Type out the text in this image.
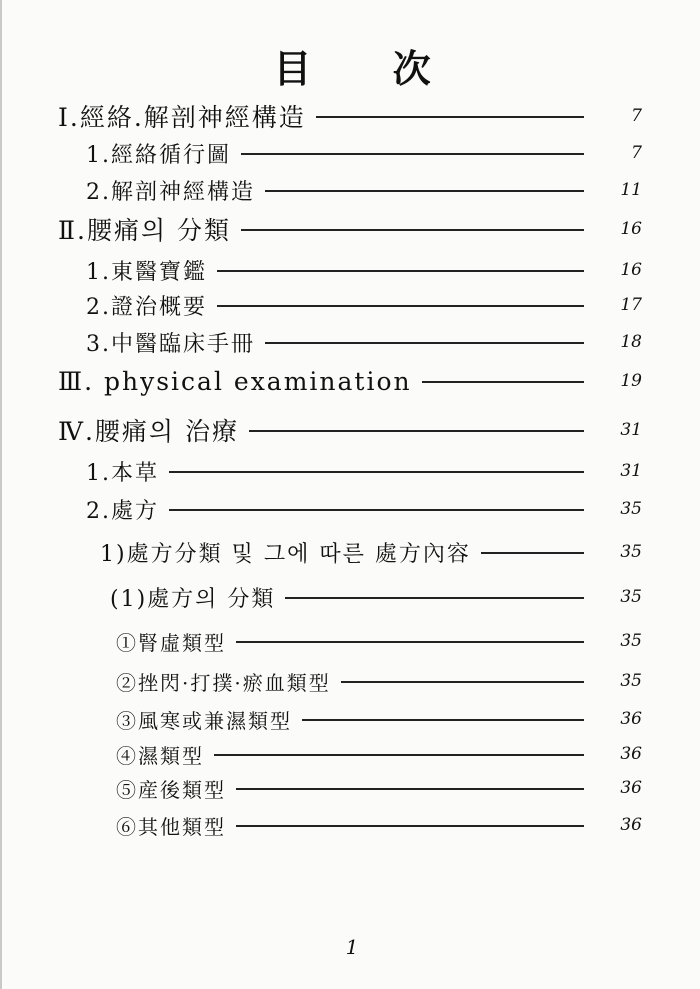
目 次
Ⅰ.經絡.解剖神經構造	7
1.經絡循行圖	7
2.解剖神經構造	11
Ⅱ.腰痛의 分類	16
1.東醫寶鑑	16
2.證治概要	17
3.中醫臨床手冊	18
Ⅲ. physical examination	19
Ⅳ.腰痛의 治療	31
1.本草	31
2.處方	35
1)處方分類 및 그에 따른 處方內容	35
(1)處方의 分類	35
①腎虛類型	35
②挫閃·打撲·瘀血類型	35
③風寒或兼濕類型	36
④濕類型	36
⑤産後類型	36
⑥其他類型	36
1
